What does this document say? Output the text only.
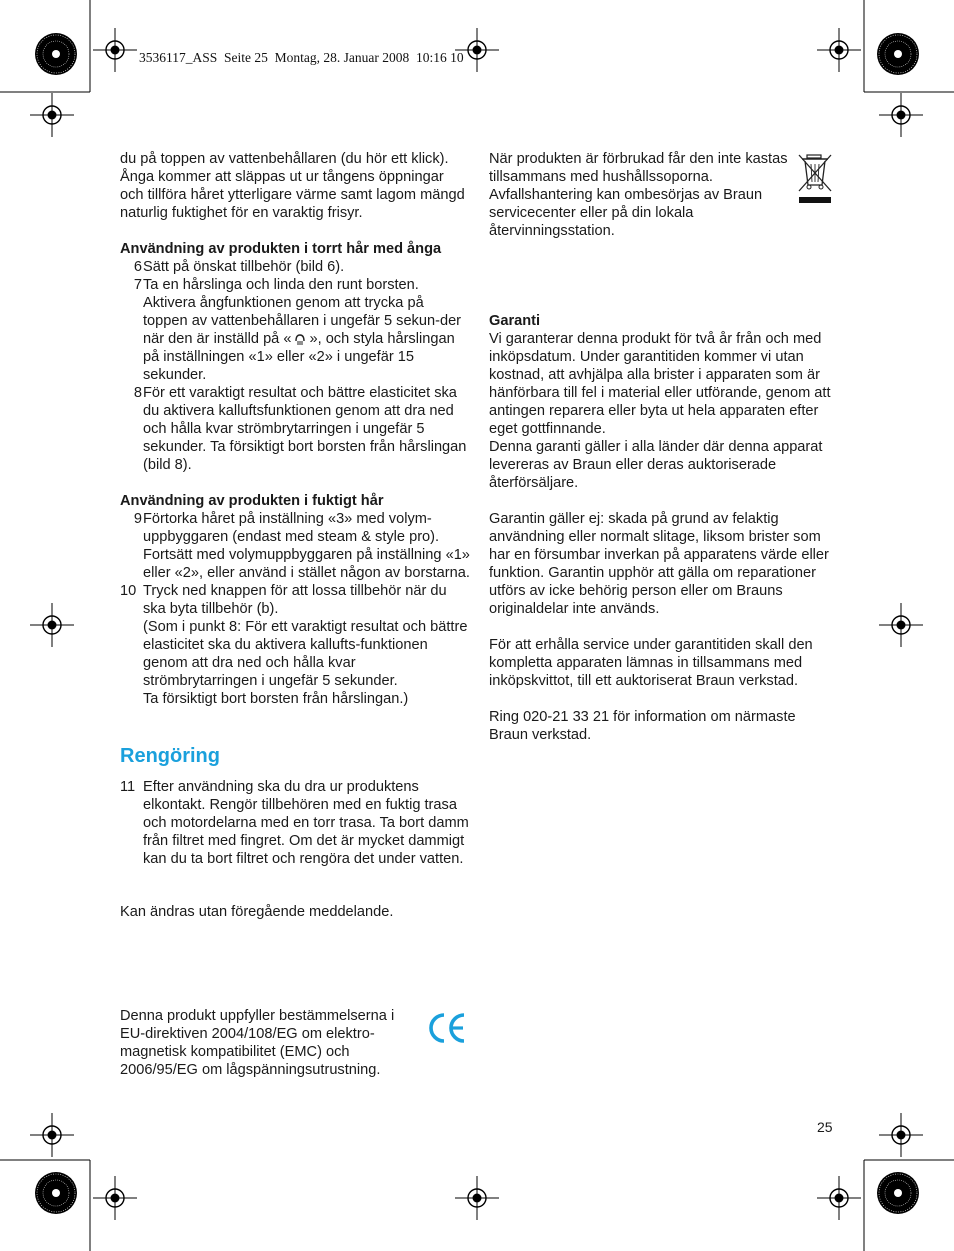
3536117_ASS  Seite 25  Montag, 28. Januar 2008  10:16 10

du på toppen av vattenbehållaren (du hör ett klick). Ånga kommer att släppas ut ur tångens öppningar och tillföra håret ytterligare värme samt lagom mängd naturlig fuktighet för en varaktig frisyr.

Användning av produkten i torrt hår med ånga

6 Sätt på önskat tillbehör (bild 6).
7 Ta en hårslinga och linda den runt borsten. Aktivera ångfunktionen genom att trycka på toppen av vattenbehållaren i ungefär 5 sekun-der när den är inställd på « », och styla hårslingan på inställningen «1» eller «2» i ungefär 15 sekunder.
8 För ett varaktigt resultat och bättre elasticitet ska du aktivera kalluftsfunktionen genom att dra ned och hålla kvar strömbrytarringen i ungefär 5 sekunder. Ta försiktigt bort borsten från hårslingan (bild 8).

Användning av produkten i fuktigt hår

9 Förtorka håret på inställning «3» med volym-uppbyggaren (endast med steam & style pro). Fortsätt med volymuppbyggaren på inställning «1» eller «2», eller använd i stället någon av borstarna.
10 Tryck ned knappen för att lossa tillbehör när du ska byta tillbehör (b).
(Som i punkt 8: För ett varaktigt resultat och bättre elasticitet ska du aktivera kallufts-funktionen genom att dra ned och hålla kvar strömbrytarringen i ungefär 5 sekunder.
Ta försiktigt bort borsten från hårslingan.)

Rengöring

11 Efter användning ska du dra ur produktens elkontakt. Rengör tillbehören med en fuktig trasa och motordelarna med en torr trasa. Ta bort damm från filtret med fingret. Om det är mycket dammigt kan du ta bort filtret och rengöra det under vatten.

Kan ändras utan föregående meddelande.

Denna produkt uppfyller bestämmelserna i EU-direktiven 2004/108/EG om elektro-magnetisk kompatibilitet (EMC) och 2006/95/EG om lågspänningsutrustning.

När produkten är förbrukad får den inte kastas tillsammans med hushållssoporna. Avfallshantering kan ombesörjas av Braun servicecenter eller på din lokala återvinningsstation.

Garanti

Vi garanterar denna produkt för två år från och med inköpsdatum. Under garantitiden kommer vi utan kostnad, att avhjälpa alla brister i apparaten som är hänförbara till fel i material eller utförande, genom att antingen reparera eller byta ut hela apparaten efter eget gottfinnande.

Denna garanti gäller i alla länder där denna apparat levereras av Braun eller deras auktoriserade återförsäljare.

Garantin gäller ej: skada på grund av felaktig användning eller normalt slitage, liksom brister som har en försumbar inverkan på apparatens värde eller funktion. Garantin upphör att gälla om reparationer utförs av icke behörig person eller om Brauns originaldelar inte används.

För att erhålla service under garantitiden skall den kompletta apparaten lämnas in tillsammans med inköpskvittot, till ett auktoriserat Braun verkstad.

Ring 020-21 33 21 för information om närmaste Braun verkstad.

25
